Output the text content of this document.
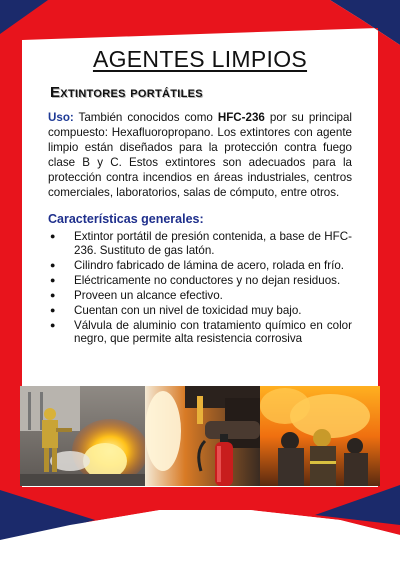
AGENTES LIMPIOS
Extintores portátiles
Uso: También conocidos como HFC-236 por su principal compuesto: Hexafluoropropano. Los extintores con agente limpio están diseñados para la protección contra fuego clase B y C. Estos extintores son adecuados para la protección contra incendios en áreas industriales, centros comerciales, laboratorios, salas de cómputo, entre otros.
Características generales:
● Extintor portátil de presión contenida, a base de HFC-236. Sustituto de gas latón.
● Cilindro fabricado de lámina de acero, rolada en frío.
● Eléctricamente no conductores y no dejan residuos.
● Proveen un alcance efectivo.
● Cuentan con un nivel de toxicidad muy bajo.
● Válvula de aluminio con tratamiento químico en color negro, que permite alta resistencia corrosiva
